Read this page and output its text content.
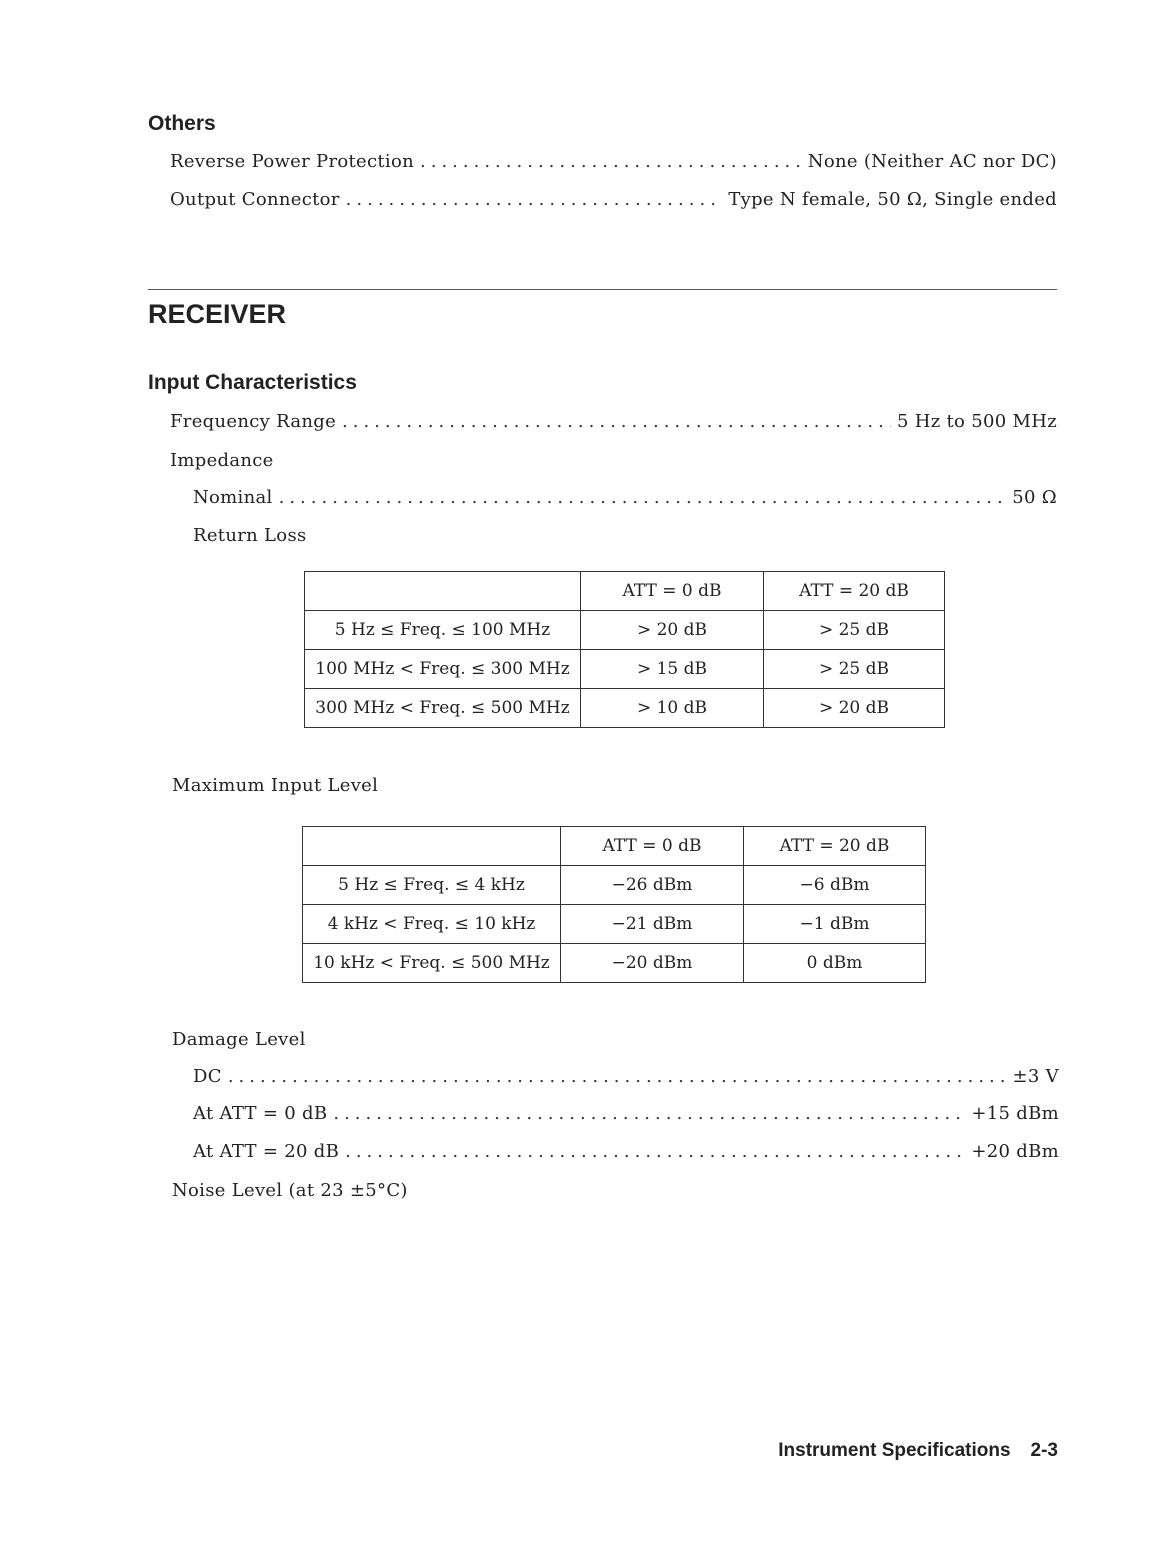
Others
Reverse Power Protection .....	None (Neither AC nor DC)
Output Connector .....	Type N female, 50 Ω, Single ended
RECEIVER
Input Characteristics
Frequency Range .....	5 Hz to 500 MHz
Impedance
Nominal .....	50 Ω
Return Loss
	ATT = 0 dB	ATT = 20 dB
5 Hz ≤ Freq. ≤ 100 MHz	> 20 dB	> 25 dB
100 MHz < Freq. ≤ 300 MHz	> 15 dB	> 25 dB
300 MHz < Freq. ≤ 500 MHz	> 10 dB	> 20 dB
Maximum Input Level
	ATT = 0 dB	ATT = 20 dB
5 Hz ≤ Freq. ≤ 4 kHz	−26 dBm	−6 dBm
4 kHz < Freq. ≤ 10 kHz	−21 dBm	−1 dBm
10 kHz < Freq. ≤ 500 MHz	−20 dBm	0 dBm
Damage Level
DC .....	±3 V
At ATT = 0 dB .....	+15 dBm
At ATT = 20 dB .....	+20 dBm
Noise Level (at 23 ±5°C)
Instrument Specifications 2-3
